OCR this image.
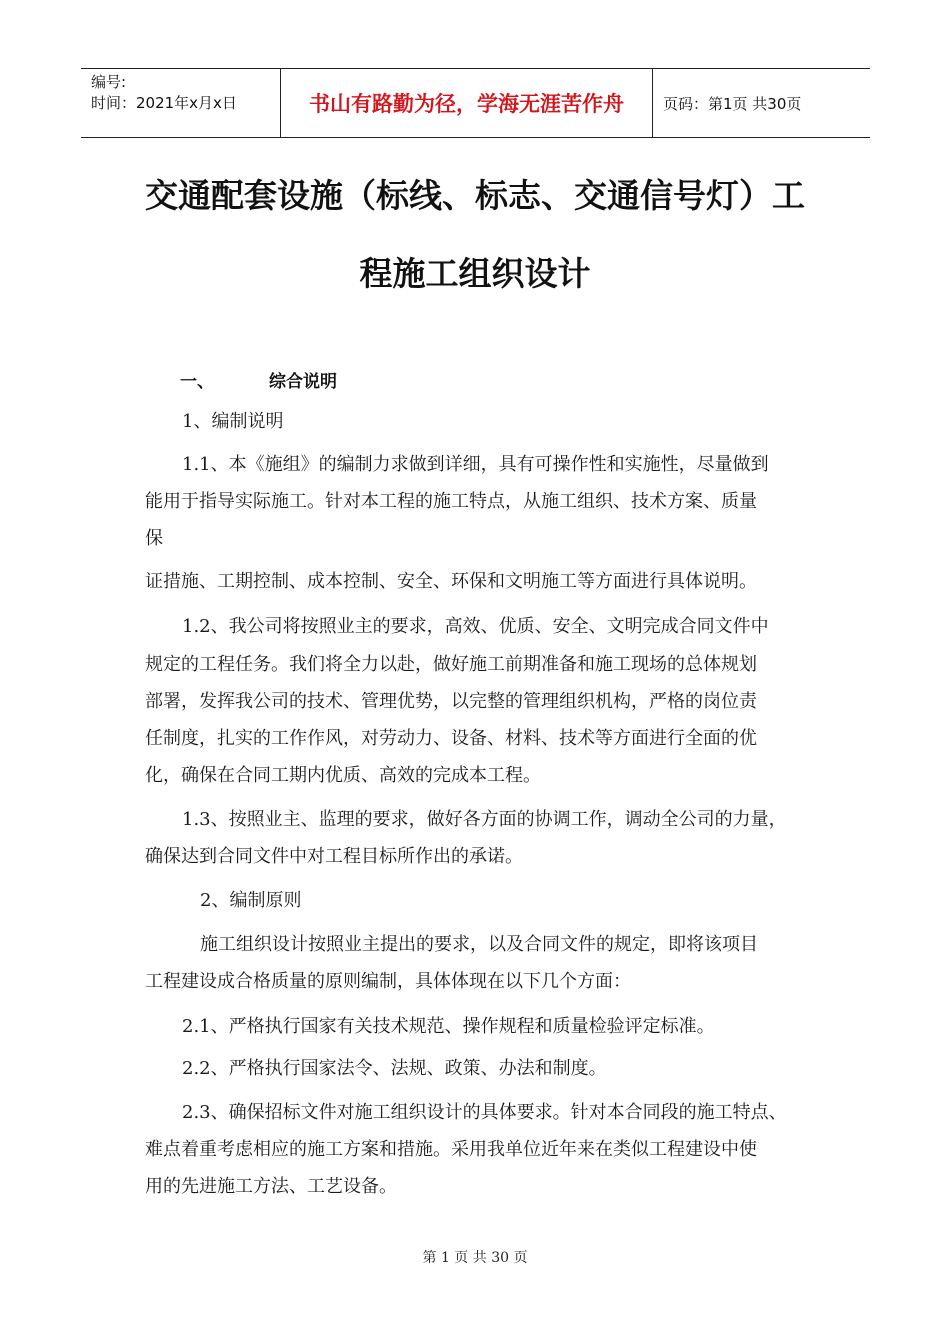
编号:
时间：2021年x月x日	书山有路勤为径，学海无涯苦作舟	页码：第1页 共30页
交通配套设施（标线、标志、交通信号灯）工
程施工组织设计
一、	综合说明
1、编制说明
1.1、本《施组》的编制力求做到详细，具有可操作性和实施性，尽量做到
能用于指导实际施工。针对本工程的施工特点，从施工组织、技术方案、质量
保
证措施、工期控制、成本控制、安全、环保和文明施工等方面进行具体说明。
1.2、我公司将按照业主的要求，高效、优质、安全、文明完成合同文件中
规定的工程任务。我们将全力以赴，做好施工前期准备和施工现场的总体规划
部署，发挥我公司的技术、管理优势，以完整的管理组织机构，严格的岗位责
任制度，扎实的工作作风，对劳动力、设备、材料、技术等方面进行全面的优
化，确保在合同工期内优质、高效的完成本工程。
1.3、按照业主、监理的要求，做好各方面的协调工作，调动全公司的力量，
确保达到合同文件中对工程目标所作出的承诺。
2、编制原则
施工组织设计按照业主提出的要求，以及合同文件的规定，即将该项目
工程建设成合格质量的原则编制，具体体现在以下几个方面：
2.1、严格执行国家有关技术规范、操作规程和质量检验评定标准。
2.2、严格执行国家法令、法规、政策、办法和制度。
2.3、确保招标文件对施工组织设计的具体要求。针对本合同段的施工特点、
难点着重考虑相应的施工方案和措施。采用我单位近年来在类似工程建设中使
用的先进施工方法、工艺设备。
第 1 页 共 30 页
